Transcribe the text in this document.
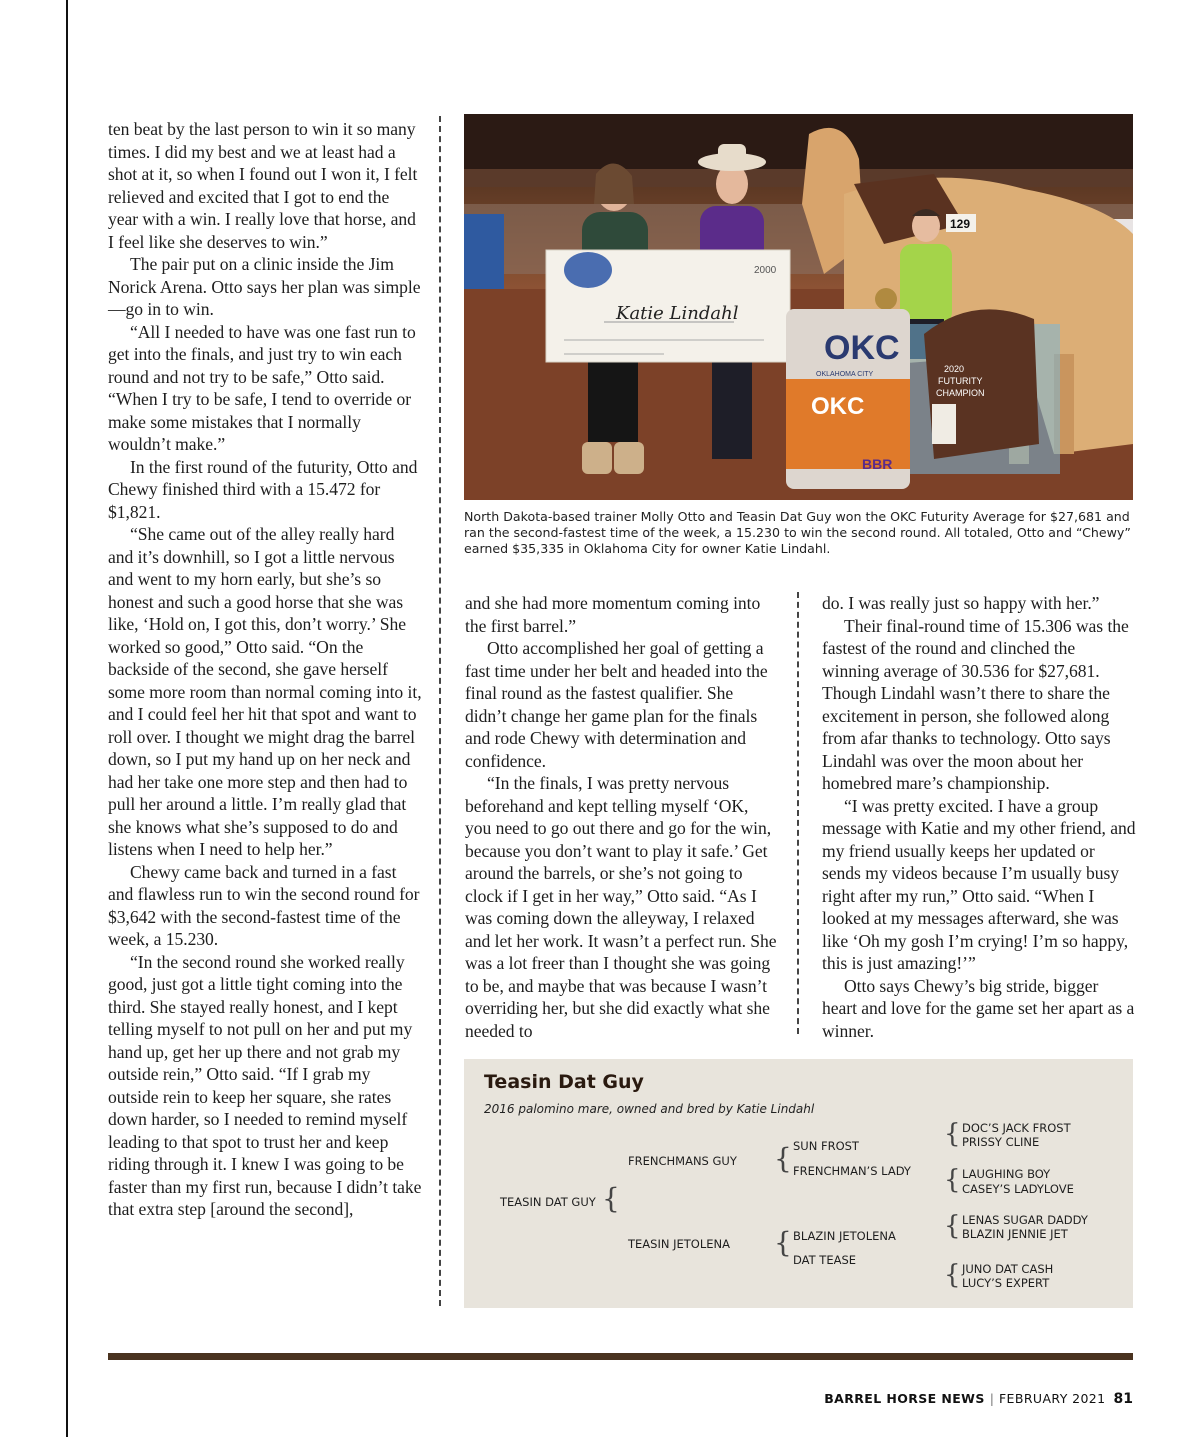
ten beat by the last person to win it so many times. I did my best and we at least had a shot at it, so when I found out I won it, I felt relieved and excited that I got to end the year with a win. I really love that horse, and I feel like she deserves to win.”

The pair put on a clinic inside the Jim Norick Arena. Otto says her plan was simple—go in to win.

“All I needed to have was one fast run to get into the finals, and just try to win each round and not try to be safe,” Otto said. “When I try to be safe, I tend to override or make some mistakes that I normally wouldn’t make.”

In the first round of the futurity, Otto and Chewy finished third with a 15.472 for $1,821.

“She came out of the alley really hard and it’s downhill, so I got a little nervous and went to my horn early, but she’s so honest and such a good horse that she was like, ‘Hold on, I got this, don’t worry.’ She worked so good,” Otto said. “On the backside of the second, she gave herself some more room than normal coming into it, and I could feel her hit that spot and want to roll over. I thought we might drag the barrel down, so I put my hand up on her neck and had her take one more step and then had to pull her around a little. I’m really glad that she knows what she’s supposed to do and listens when I need to help her.”

Chewy came back and turned in a fast and flawless run to win the second round for $3,642 with the second-fastest time of the week, a 15.230.

“In the second round she worked really good, just got a little tight coming into the third. She stayed really honest, and I kept telling myself to not pull on her and put my hand up, get her up there and not grab my outside rein,” Otto said. “If I grab my outside rein to keep her square, she rates down harder, so I needed to remind myself leading to that spot to trust her and keep riding through it. I knew I was going to be faster than my first run, because I didn’t take that extra step [around the second],

2000
Katie Lindahl
129
OKC
OKLAHOMA CITY
OKC
BBR
2020
FUTURITY
CHAMPION
North Dakota-based trainer Molly Otto and Teasin Dat Guy won the OKC Futurity Average for $27,681 and ran the second-fastest time of the week, a 15.230 to win the second round. All totaled, Otto and “Chewy” earned $35,335 in Oklahoma City for owner Katie Lindahl.

and she had more momentum coming into the first barrel.”

Otto accomplished her goal of getting a fast time under her belt and headed into the final round as the fastest qualifier. She didn’t change her game plan for the finals and rode Chewy with determination and confidence.

“In the finals, I was pretty nervous beforehand and kept telling myself ‘OK, you need to go out there and go for the win, because you don’t want to play it safe.’ Get around the barrels, or she’s not going to clock if I get in her way,” Otto said. “As I was coming down the alleyway, I relaxed and let her work. It wasn’t a perfect run. She was a lot freer than I thought she was going to be, and maybe that was because I wasn’t overriding her, but she did exactly what she needed to

do. I was really just so happy with her.”

Their final-round time of 15.306 was the fastest of the round and clinched the winning average of 30.536 for $27,681. Though Lindahl wasn’t there to share the excitement in person, she followed along from afar thanks to technology. Otto says Lindahl was over the moon about her homebred mare’s championship.

“I was pretty excited. I have a group message with Katie and my other friend, and my friend usually keeps her updated or sends my videos because I’m usually busy right after my run,” Otto said. “When I looked at my messages afterward, she was like ‘Oh my gosh I’m crying! I’m so happy, this is just amazing!’”

Otto says Chewy’s big stride, bigger heart and love for the game set her apart as a winner.

Teasin Dat Guy
2016 palomino mare, owned and bred by Katie Lindahl
TEASIN DAT GUY {
FRENCHMANS GUY
TEASIN JETOLENA
{
{
SUN FROST
FRENCHMAN’S LADY
BLAZIN JETOLENA
DAT TEASE
{
{
{
{
DOC’S JACK FROST
PRISSY CLINE
LAUGHING BOY
CASEY’S LADYLOVE
LENAS SUGAR DADDY
BLAZIN JENNIE JET
JUNO DAT CASH
LUCY’S EXPERT
BARREL HORSE NEWS | FEBRUARY 2021 81
